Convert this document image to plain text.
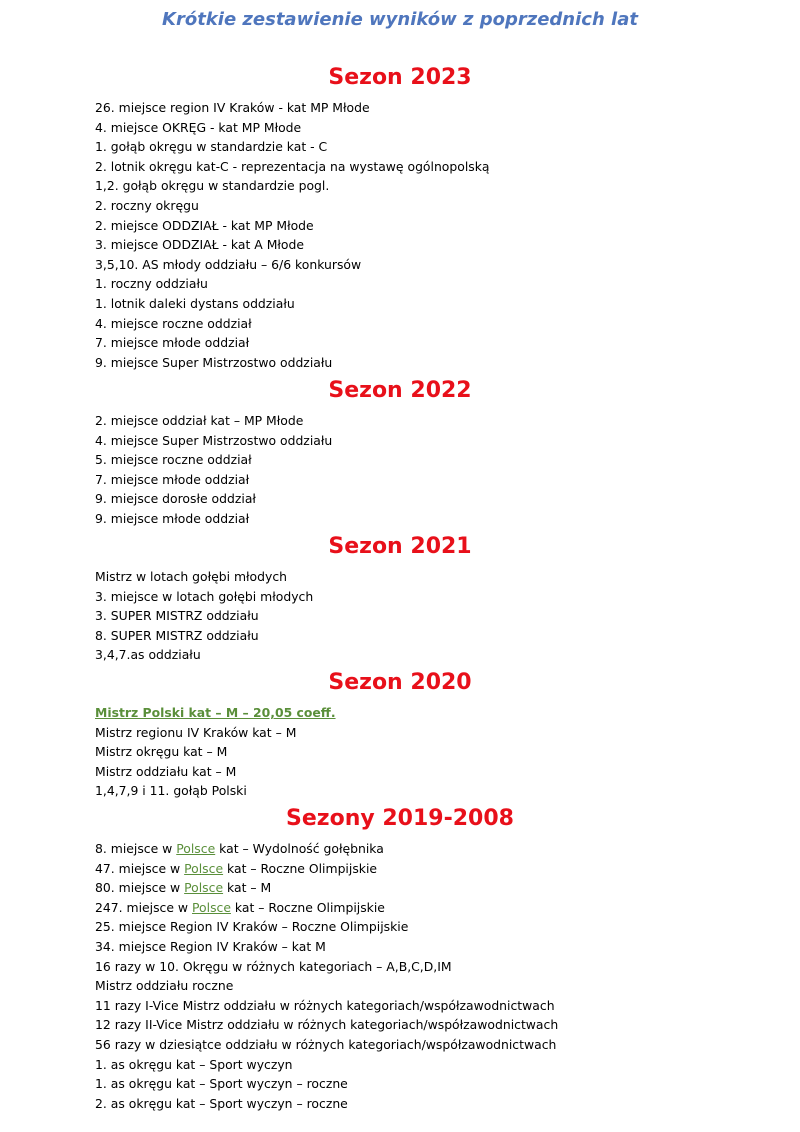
Krótkie zestawienie wyników z poprzednich lat
Sezon 2023
26. miejsce region IV Kraków - kat MP Młode
4. miejsce OKRĘG - kat MP Młode
1. gołąb okręgu w standardzie kat - C
2. lotnik okręgu kat-C - reprezentacja na wystawę ogólnopolską
1,2. gołąb okręgu w standardzie pogl.
2. roczny okręgu
2. miejsce ODDZIAŁ - kat MP Młode
3. miejsce ODDZIAŁ - kat A Młode
3,5,10. AS młody oddziału – 6/6 konkursów
1. roczny oddziału
1. lotnik daleki dystans oddziału
4. miejsce roczne oddział
7. miejsce młode oddział
9. miejsce Super Mistrzostwo oddziału
Sezon 2022
2. miejsce oddział kat – MP Młode
4. miejsce Super Mistrzostwo oddziału
5. miejsce roczne oddział
7. miejsce młode oddział
9. miejsce dorosłe oddział
9. miejsce młode oddział
Sezon 2021
Mistrz w lotach gołębi młodych
3. miejsce w lotach gołębi młodych
3. SUPER MISTRZ oddziału
8. SUPER MISTRZ oddziału
3,4,7.as oddziału
Sezon 2020
Mistrz Polski kat – M – 20,05 coeff.
Mistrz regionu IV Kraków kat – M
Mistrz okręgu kat – M
Mistrz oddziału kat – M
1,4,7,9 i 11. gołąb Polski
Sezony 2019-2008
8. miejsce w Polsce kat – Wydolność gołębnika
47. miejsce w Polsce kat – Roczne Olimpijskie
80. miejsce w Polsce kat – M
247. miejsce w Polsce kat – Roczne Olimpijskie
25. miejsce Region IV Kraków – Roczne Olimpijskie
34. miejsce Region IV Kraków – kat M
16 razy w 10. Okręgu w różnych kategoriach – A,B,C,D,IM
Mistrz oddziału roczne
11 razy I-Vice Mistrz oddziału w różnych kategoriach/współzawodnictwach
12 razy II-Vice Mistrz oddziału w różnych kategoriach/współzawodnictwach
56 razy w dziesiątce oddziału w różnych kategoriach/współzawodnictwach
1. as okręgu kat – Sport wyczyn
1. as okręgu kat – Sport wyczyn – roczne
2. as okręgu kat – Sport wyczyn – roczne
